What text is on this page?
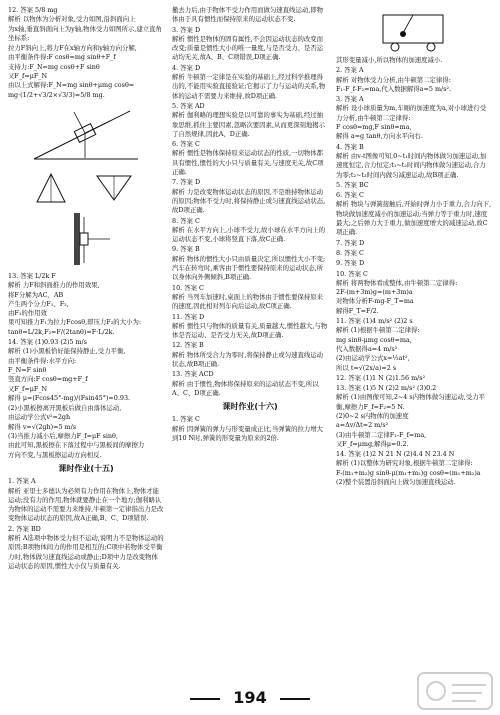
12. 答案 5/8 mg
解析 以物体为分析对象,受力如图,沿斜面向上
为x轴,垂直斜面向上为y轴,物体受力如图所示,建立直角坐标系:
拉力F斜向上,将力F在x轴方向和y轴方向分解,
由平衡条件得:F cosθ=mg sinθ+F_f
支持力:F_N=mg cosθ+F sinθ
又F_f=μF_N
由以上式解得:F_N=mg sinθ+μmg cosθ=
mg·(1/2+√3/2×√3/3)=5/8 mg.
13. 答案 L/2k F
解析 力F和斜面推力的作用效果,
将F分解为AC、AB
产生两个分力F₁、F₂,
由F₁的作用效
果可知推力F₁为拉力Fcosθ,即压力F₂的大小为:
tanθ=L/2k,F₂=F/(2tanθ)=F·L/2k.
14. 答案 (1)0.93 (2)5 m/s
解析 (1)小黑板恰好能保持静止,受力平衡,
由平衡条件得:水平方向:
F_N=F sinθ
竖直方向:F cosθ=mg+F_f
又F_f=μF_N
解得 μ=(Fcos45°-mg)/(Fsin45°)≈0.93.
(2)小黑板擦离开黑板后做自由落体运动,
由运动学公式v²=2gh
解得 v=√(2gh)=5 m/s
(3)当推力减小后,摩擦力F_f=μF sinθ,
由此可知,黑板擦在下落过程中与黑板间的摩擦力
方向不变,与黑板擦运动方向相反.
课时作业(十五)
1. 答案 A
解析 亚里士多德认为必须有力作用在物体上,物体才能运动;没有力的作用,物体就要静止在一个地方;伽利略认为物体的运动不需要力来维持,牛顿第一定律指出力是改变物体运动状态的原因,故A正确,B、C、D项错误.
2. 答案 BD
解析 A选项中物体受力但不运动,说明力不是物体运动的原因;B项物体间力的作用是相互的;C项中若物体受平衡力时,物体做匀速直线运动或静止;D项中力是改变物体运动状态的原因,惯性大小仅与质量有关.
撤去力后,由于物体不受力作用而做匀速直线运动,即物体由于具有惯性而保持原来的运动状态不变.
3. 答案 D
解析 惯性是物体的固有属性,不会因运动状态的改变而改变;质量是惯性大小的唯一量度,与是否受力、是否运动均无关,故A、B、C项错误,D项正确.
4. 答案 D
解析 牛顿第一定律是在实验的基础上,经过科学推理得出的,不能用实验直接验证;它揭示了力与运动的关系,物体的运动不需要力来维持,故D项正确.
5. 答案 AD
解析 伽利略的理想实验是以可靠的事实为基础,经过抽象思维,抓住主要因素,忽略次要因素,从而更深刻地揭示了自然规律,因此A、D正确.
6. 答案 C
解析 惯性是物体保持原来运动状态的性质,一切物体都具有惯性,惯性的大小只与质量有关,与速度无关,故C项正确.
7. 答案 D
解析 力是改变物体运动状态的原因,不是维持物体运动的原因;物体不受力时,将保持静止或匀速直线运动状态,故D项正确.
8. 答案 C
解析 在水平方向上,小球不受力,故小球在水平方向上的运动状态不变,小球将竖直下落,故C正确.
9. 答案 B
解析 物体的惯性大小只由质量决定,所以惯性大小不变;汽车在转弯时,乘客由于惯性要保持原来的运动状态,所以身体向外侧倾斜,B项正确.
10. 答案 C
解析 当列车加速时,桌面上的物体由于惯性要保持原来的速度,因此相对列车向后运动,故C项正确.
11. 答案 D
解析 惯性只与物体的质量有关,质量越大,惯性越大,与物体是否运动、是否受力无关,故D项正确.
12. 答案 B
解析 物体所受合力为零时,将保持静止或匀速直线运动状态,故B项正确.
13. 答案 ACD
解析 由于惯性,物体将保持原来的运动状态不变,所以A、C、D项正确.
课时作业(十六)
1. 答案 C
解析 因弹簧的弹力与形变量成正比,当弹簧的拉力增大到10 N时,弹簧的形变量为原来的2倍.
其形变量减小,所以物体的加速度减小.
2. 答案 A
解析 对物体受力分析,由牛顿第二定律得:
F₁-F_f-F₂=ma,代入数据解得a=5 m/s².
3. 答案 A
解析 设小球质量为m,车厢的加速度为a,对小球进行受力分析,由牛顿第二定律得:
F cosθ=mg,F sinθ=ma,
解得 a=g tanθ,方向水平向右.
4. 答案 B
解析 由v-t图像可知,0~t₁时间内物体做匀加速运动,加速度恒定,合力恒定;t₁~t₂时间内物体做匀速运动,合力为零;t₂~t₃时间内做匀减速运动,故B项正确.
5. 答案 BC
6. 答案 C
解析 物块与弹簧接触后,开始时弹力小于重力,合力向下,物块做加速度减小的加速运动;当弹力等于重力时,速度最大;之后弹力大于重力,做加速度增大的减速运动,故C项正确.
7. 答案 D
8. 答案 C
9. 答案 D
10. 答案 C
解析 将两物体看成整体,由牛顿第二定律得:
2F-(m+3m)g=(m+3m)a
对物体分析F-mg-F_T=ma
解得F_T=F/2.
11. 答案 (1)4 m/s² (2)2 s
解析 (1)根据牛顿第二定律得:
mg sinθ-μmg cosθ=ma,
代入数据得a=4 m/s²
(2)由运动学公式x=½at²,
所以 t=√(2x/a)=2 s
12. 答案 (1)1 N (2)1.56 m/s²
13. 答案 (1)5 N (2)2 m/s² (3)0.2
解析 (1)由图像可知,2~4 s内物体做匀速运动,受力平衡,摩擦力F_f=F₂=5 N.
(2)0~2 s内物体的加速度
a=Δv/Δt=2 m/s²
(3)由牛顿第二定律F₁-F_f=ma,
又F_f=μmg,解得μ=0.2.
14. 答案 (1)2 N 21 N (2)4.4 N 23.4 N
解析 (1)以整体为研究对象,根据牛顿第二定律得:
F-(m₁+m₂)g sinθ-μ(m₁+m₂)g cosθ=(m₁+m₂)a
(2)整个装置沿斜面向上做匀加速直线运动.
194
